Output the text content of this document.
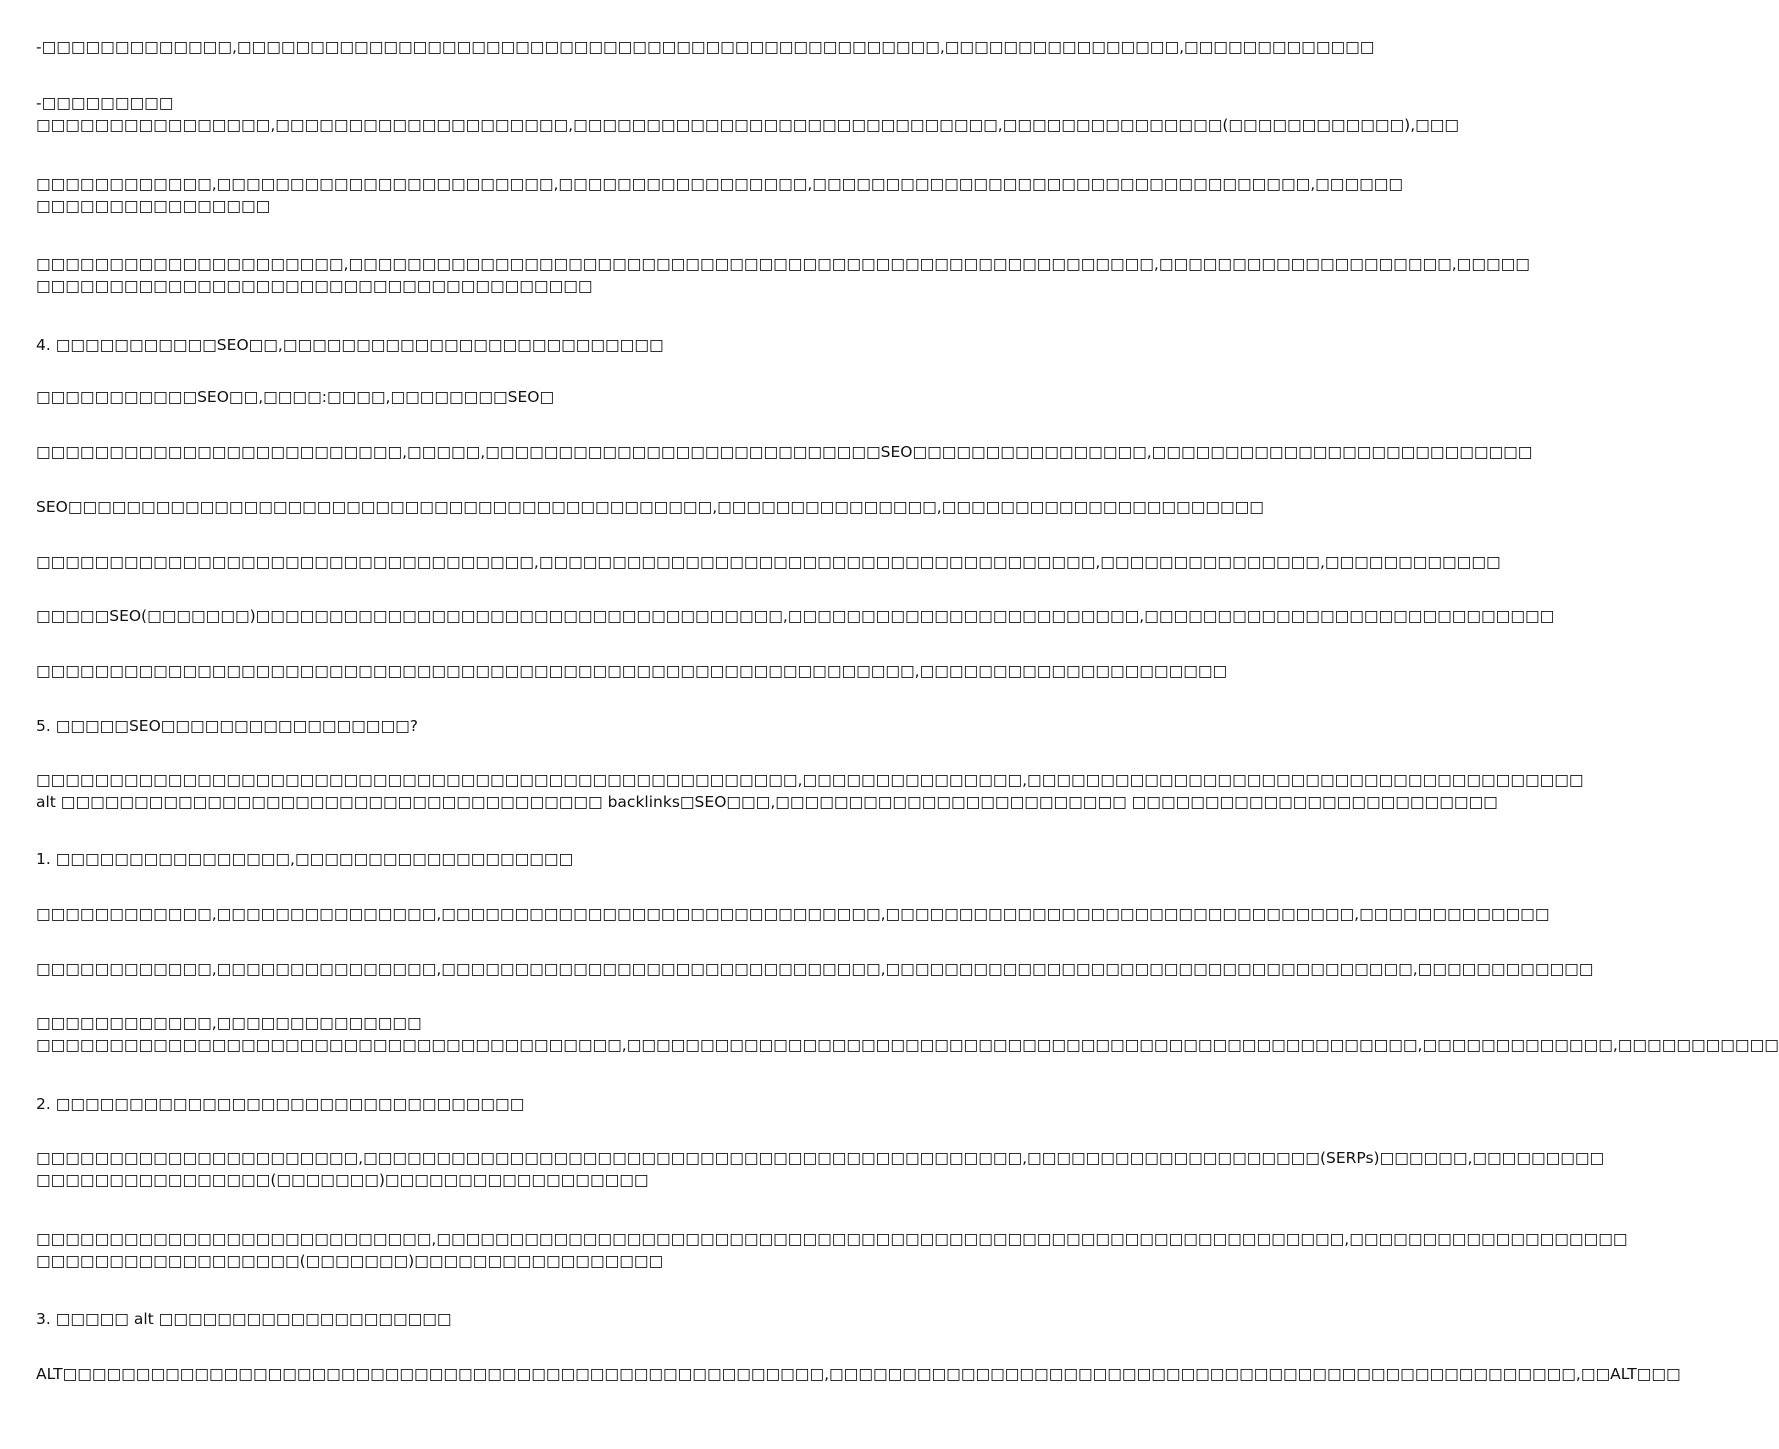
-□□□□□□□□□□□□□,□□□□□□□□□□□□□□□□□□□□□□□□□□□□□□□□□□□□□□□□□□□□□□□□,□□□□□□□□□□□□□□□□,□□□□□□□□□□□□□
-□□□□□□□□□
□□□□□□□□□□□□□□□□,□□□□□□□□□□□□□□□□□□□□,□□□□□□□□□□□□□□□□□□□□□□□□□□□□□,□□□□□□□□□□□□□□□(□□□□□□□□□□□□),□□□
□□□□□□□□□□□□,□□□□□□□□□□□□□□□□□□□□□□□,□□□□□□□□□□□□□□□□□,□□□□□□□□□□□□□□□□□□□□□□□□□□□□□□□□□□,□□□□□□
□□□□□□□□□□□□□□□□
□□□□□□□□□□□□□□□□□□□□□,□□□□□□□□□□□□□□□□□□□□□□□□□□□□□□□□□□□□□□□□□□□□□□□□□□□□□□□,□□□□□□□□□□□□□□□□□□□□,□□□□□
□□□□□□□□□□□□□□□□□□□□□□□□□□□□□□□□□□□□□□
4. □□□□□□□□□□□SEO□□,□□□□□□□□□□□□□□□□□□□□□□□□□□
□□□□□□□□□□□SEO□□,□□□□:□□□□,□□□□□□□□SEO□
□□□□□□□□□□□□□□□□□□□□□□□□□,□□□□□,□□□□□□□□□□□□□□□□□□□□□□□□□□□SEO□□□□□□□□□□□□□□□□,□□□□□□□□□□□□□□□□□□□□□□□□□□
SEO□□□□□□□□□□□□□□□□□□□□□□□□□□□□□□□□□□□□□□□□□□□□,□□□□□□□□□□□□□□□,□□□□□□□□□□□□□□□□□□□□□□
□□□□□□□□□□□□□□□□□□□□□□□□□□□□□□□□□□,□□□□□□□□□□□□□□□□□□□□□□□□□□□□□□□□□□□□□□,□□□□□□□□□□□□□□□,□□□□□□□□□□□□
□□□□□SEO(□□□□□□□)□□□□□□□□□□□□□□□□□□□□□□□□□□□□□□□□□□□□,□□□□□□□□□□□□□□□□□□□□□□□□,□□□□□□□□□□□□□□□□□□□□□□□□□□□□
□□□□□□□□□□□□□□□□□□□□□□□□□□□□□□□□□□□□□□□□□□□□□□□□□□□□□□□□□□□□,□□□□□□□□□□□□□□□□□□□□□
5. □□□□□SEO□□□□□□□□□□□□□□□□□?
□□□□□□□□□□□□□□□□□□□□□□□□□□□□□□□□□□□□□□□□□□□□□□□□□□□□,□□□□□□□□□□□□□□□,□□□□□□□□□□□□□□□□□□□□□□□□□□□□□□□□□□□□□□
alt □□□□□□□□□□□□□□□□□□□□□□□□□□□□□□□□□□□□□ backlinks□SEO□□□,□□□□□□□□□□□□□□□□□□□□□□□□ □□□□□□□□□□□□□□□□□□□□□□□□□
1. □□□□□□□□□□□□□□□□,□□□□□□□□□□□□□□□□□□□
□□□□□□□□□□□□,□□□□□□□□□□□□□□□,□□□□□□□□□□□□□□□□□□□□□□□□□□□□□□,□□□□□□□□□□□□□□□□□□□□□□□□□□□□□□□□,□□□□□□□□□□□□□
□□□□□□□□□□□□,□□□□□□□□□□□□□□□,□□□□□□□□□□□□□□□□□□□□□□□□□□□□□□,□□□□□□□□□□□□□□□□□□□□□□□□□□□□□□□□□□□□,□□□□□□□□□□□□
□□□□□□□□□□□□,□□□□□□□□□□□□□□
□□□□□□□□□□□□□□□□□□□□□□□□□□□□□□□□□□□□□□□□,□□□□□□□□□□□□□□□□□□□□□□□□□□□□□□□□□□□□□□□□□□□□□□□□□□□□□□,□□□□□□□□□□□□□,□□□□□□□□□□□
2. □□□□□□□□□□□□□□□□□□□□□□□□□□□□□□□□
□□□□□□□□□□□□□□□□□□□□□□,□□□□□□□□□□□□□□□□□□□□□□□□□□□□□□□□□□□□□□□□□□□□□,□□□□□□□□□□□□□□□□□□□□(SERPs)□□□□□□,□□□□□□□□□
□□□□□□□□□□□□□□□□(□□□□□□□)□□□□□□□□□□□□□□□□□□
□□□□□□□□□□□□□□□□□□□□□□□□□□□,□□□□□□□□□□□□□□□□□□□□□□□□□□□□□□□□□□□□□□□□□□□□□□□□□□□□□□□□□□□□□□,□□□□□□□□□□□□□□□□□□□
□□□□□□□□□□□□□□□□□□(□□□□□□□)□□□□□□□□□□□□□□□□□
3. □□□□□ alt □□□□□□□□□□□□□□□□□□□□
ALT□□□□□□□□□□□□□□□□□□□□□□□□□□□□□□□□□□□□□□□□□□□□□□□□□□□□,□□□□□□□□□□□□□□□□□□□□□□□□□□□□□□□□□□□□□□□□□□□□□□□□□□□,□□ALT□□□
